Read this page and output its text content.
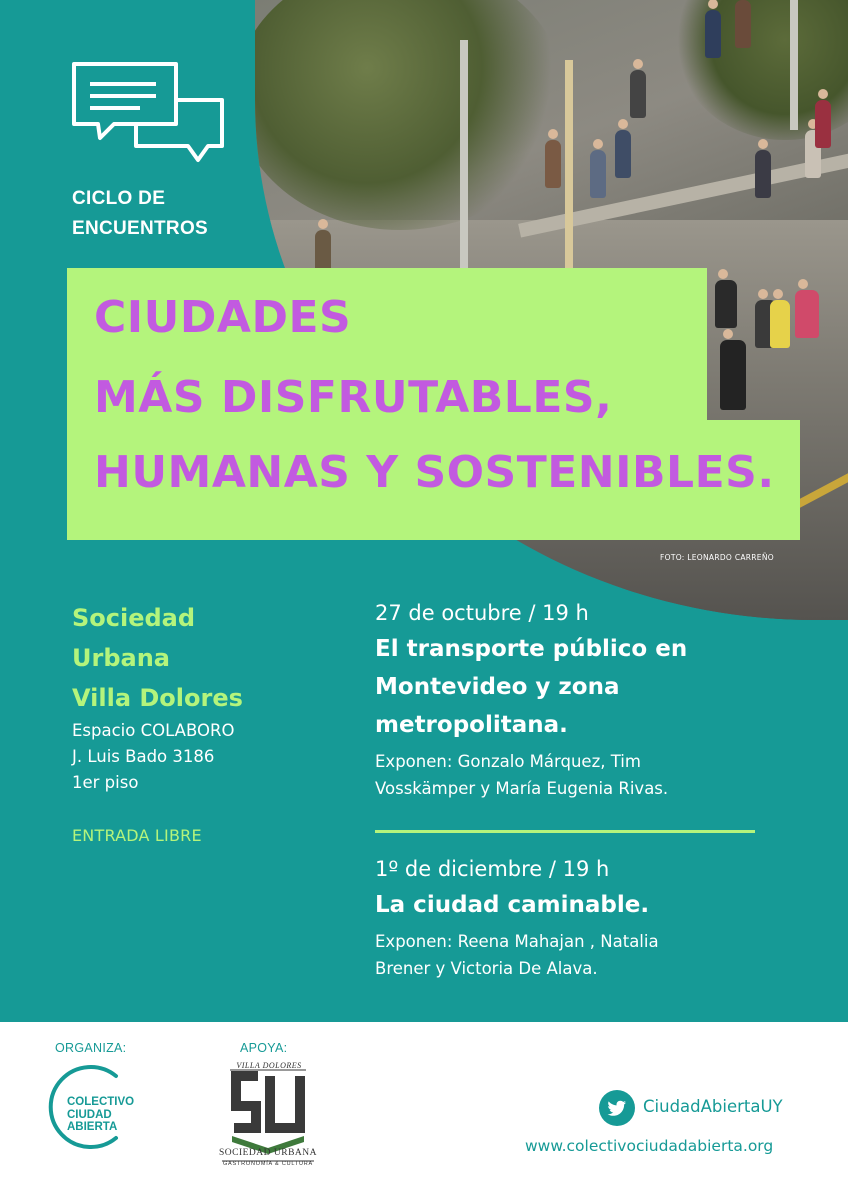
FOTO: LEONARDO CARREÑO
CICLO DE
ENCUENTROS
CIUDADES
MÁS DISFRUTABLES,
HUMANAS Y SOSTENIBLES.
Sociedad
Urbana
Villa Dolores
Espacio COLABORO
J. Luis Bado 3186
1er piso
ENTRADA LIBRE
27 de octubre / 19 h
El transporte público en
Montevideo y zona
metropolitana.
Exponen: Gonzalo Márquez, Tim
Vosskämper y María Eugenia Rivas.
1º de diciembre / 19 h
La ciudad caminable.
Exponen: Reena Mahajan , Natalia
Brener y Victoria De Alava.
ORGANIZA:	APOYA:
COLECTIVO
CIUDAD
ABIERTA
VILLA DOLORES
SOCIEDAD URBANA
GASTRONOMÍA & CULTURA
CiudadAbiertaUY
www.colectivociudadabierta.org
